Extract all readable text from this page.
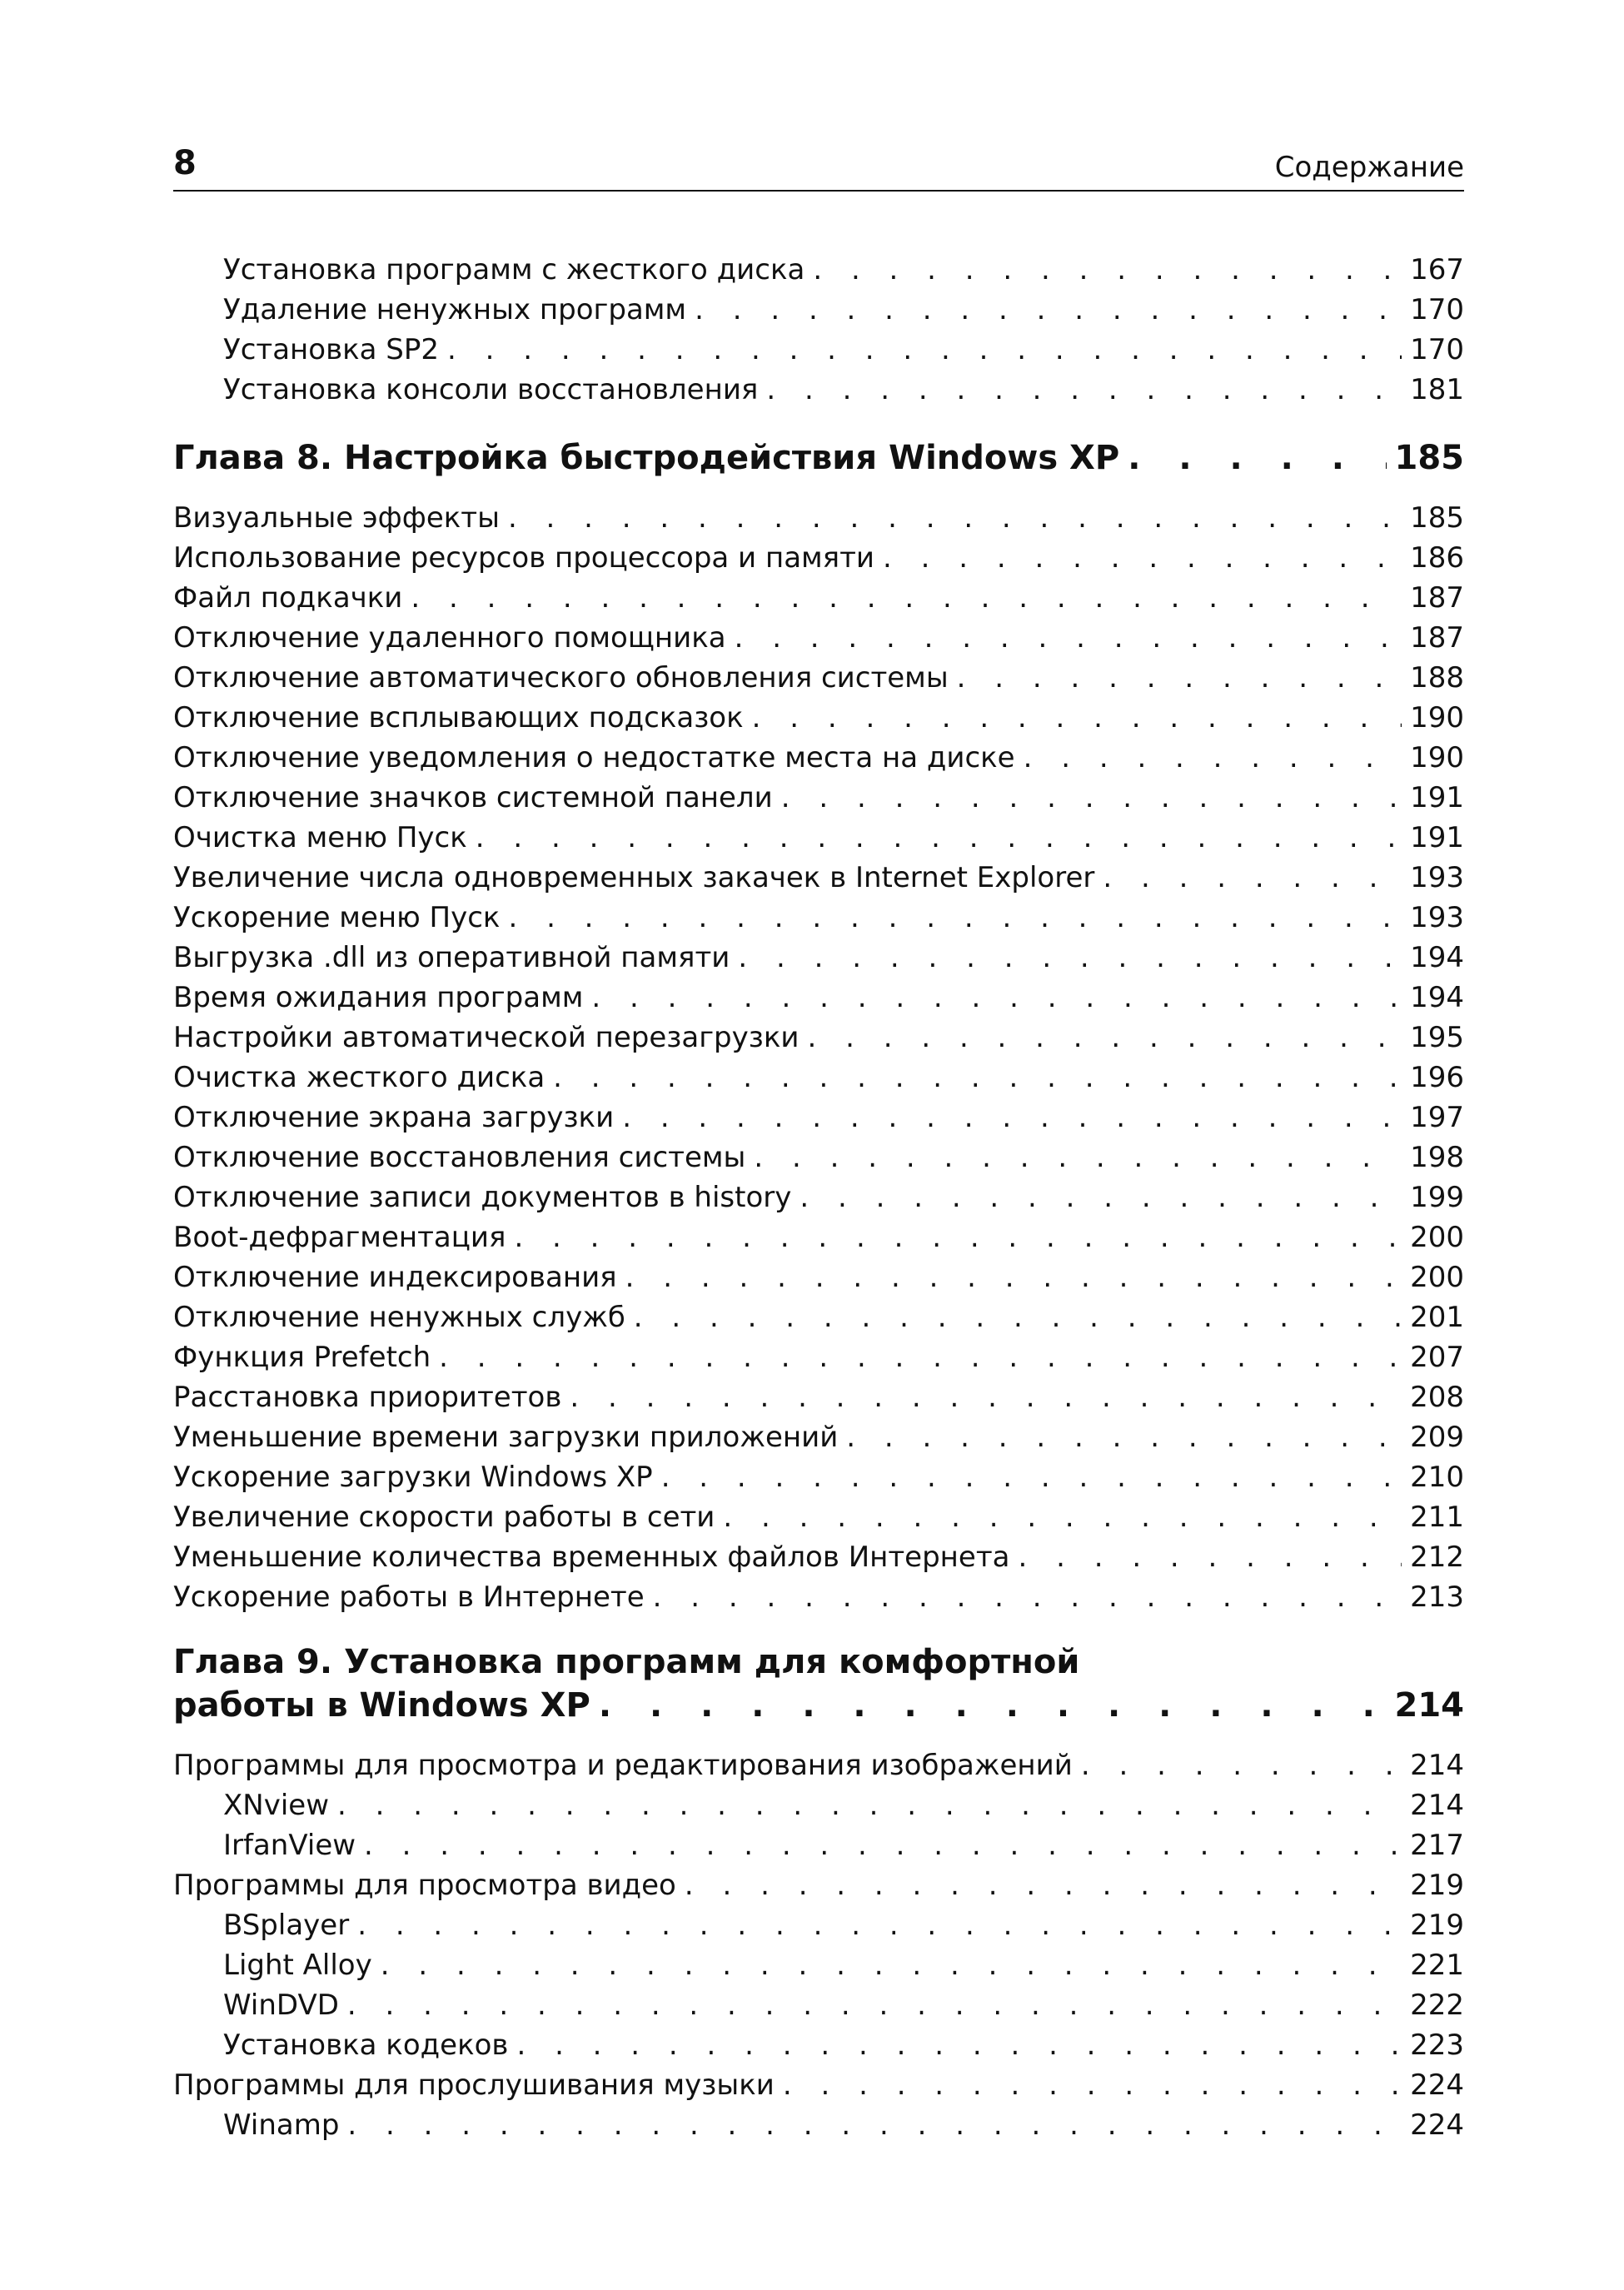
8	Содержание
Установка программ с жесткого диска . . .	167
Удаление ненужных программ . . .	170
Установка SP2 . . .	170
Установка консоли восстановления . . .	181
Глава 8. Настройка быстродействия Windows XP . . .	185
Визуальные эффекты . . .	185
Использование ресурсов процессора и памяти . . .	186
Файл подкачки . . .	187
Отключение удаленного помощника . . .	187
Отключение автоматического обновления системы . . .	188
Отключение всплывающих подсказок . . .	190
Отключение уведомления о недостатке места на диске . . .	190
Отключение значков системной панели . . .	191
Очистка меню Пуск . . .	191
Увеличение числа одновременных закачек в Internet Explorer . . .	193
Ускорение меню Пуск . . .	193
Выгрузка .dll из оперативной памяти . . .	194
Время ожидания программ . . .	194
Настройки автоматической перезагрузки . . .	195
Очистка жесткого диска . . .	196
Отключение экрана загрузки . . .	197
Отключение восстановления системы . . .	198
Отключение записи документов в history . . .	199
Boot-дефрагментация . . .	200
Отключение индексирования . . .	200
Отключение ненужных служб . . .	201
Функция Prefetch . . .	207
Расстановка приоритетов . . .	208
Уменьшение времени загрузки приложений . . .	209
Ускорение загрузки Windows XP . . .	210
Увеличение скорости работы в сети . . .	211
Уменьшение количества временных файлов Интернета . . .	212
Ускорение работы в Интернете . . .	213
Глава 9. Установка программ для комфортной
работы в Windows XP . . .	214
Программы для просмотра и редактирования изображений . . .	214
XNview . . .	214
IrfanView . . .	217
Программы для просмотра видео . . .	219
BSplayer . . .	219
Light Alloy . . .	221
WinDVD . . .	222
Установка кодеков . . .	223
Программы для прослушивания музыки . . .	224
Winamp . . .	224
